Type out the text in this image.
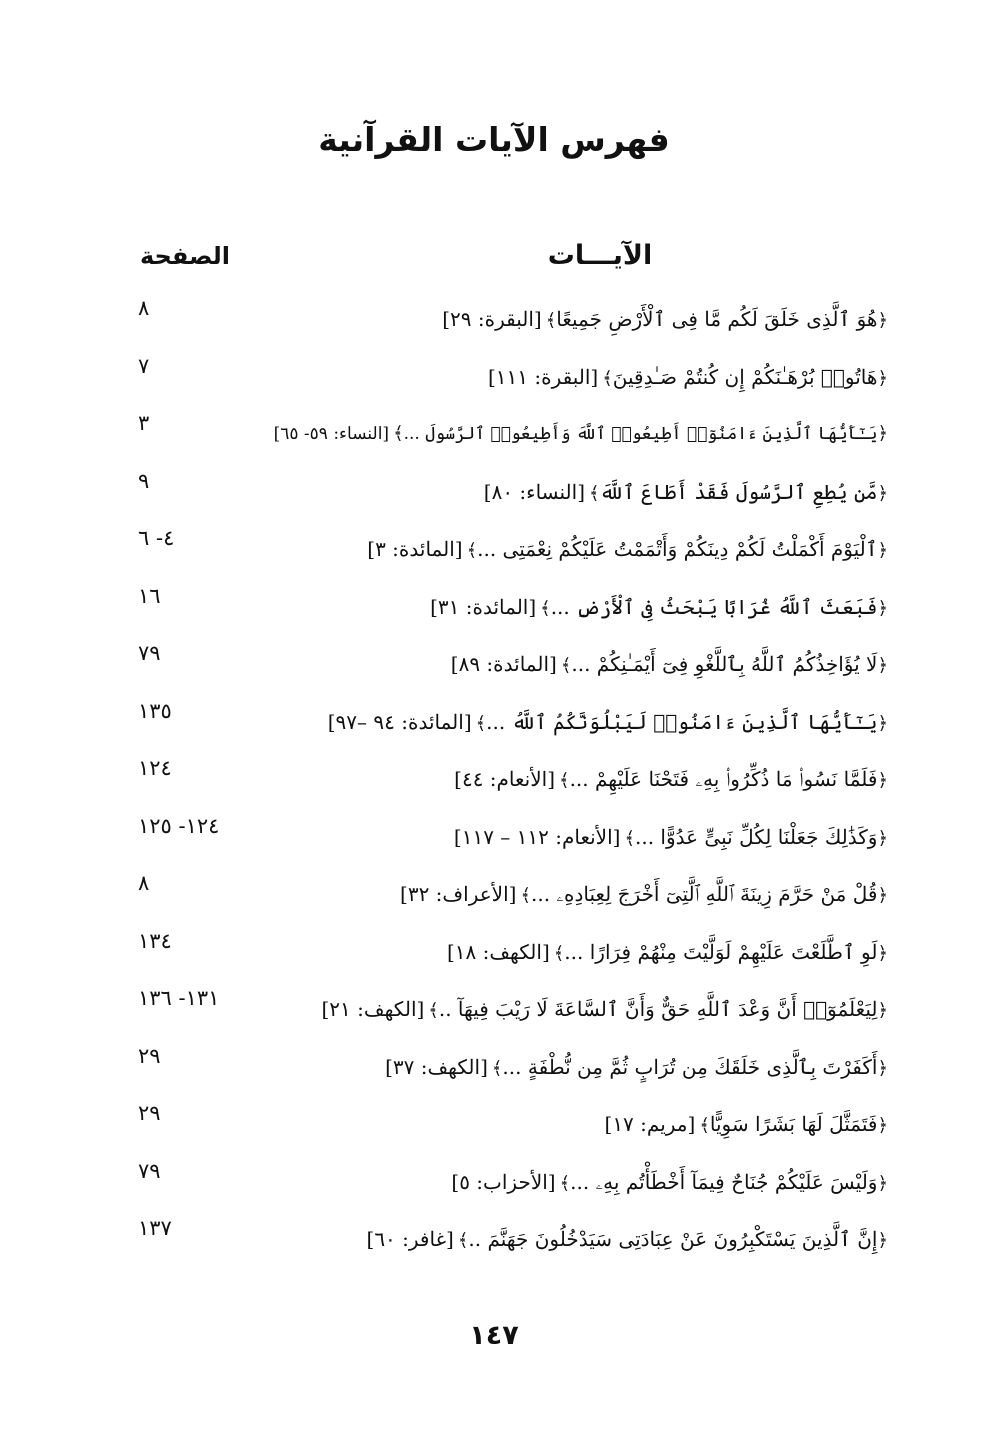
فهرس الآيات القرآنية
الآيـــات
الصفحة
﴿هُوَ ٱلَّذِى خَلَقَ لَكُم مَّا فِى ٱلْأَرْضِ جَمِيعًا﴾[البقرة: ٢٩]
٨
﴿هَاتُوا۟ بُرْهَـٰنَكُمْ إِن كُنتُمْ صَـٰدِقِينَ﴾[البقرة: ١١١]
٧
﴿يَـٰٓأَيُّهَا ٱلَّذِينَ ءَامَنُوٓا۟ أَطِيعُوا۟ ٱللَّهَ وَأَطِيعُوا۟ ٱلرَّسُولَ ...﴾[النساء: ٥٩- ٦٥]
٣
﴿مَّن يُطِعِ ٱلرَّسُولَ فَقَدْ أَطَاعَ ٱللَّهَ﴾[النساء: ٨٠]
٩
﴿ٱلْيَوْمَ أَكْمَلْتُ لَكُمْ دِينَكُمْ وَأَتْمَمْتُ عَلَيْكُمْ نِعْمَتِى ...﴾[المائدة: ٣]
٤- ٦
﴿فَبَعَثَ ٱللَّهُ غُرَابًا يَبْحَثُ فِى ٱلْأَرْضِ ...﴾[المائدة: ٣١]
١٦
﴿لَا يُؤَاخِذُكُمُ ٱللَّهُ بِٱللَّغْوِ فِىٓ أَيْمَـٰنِكُمْ ...﴾[المائدة: ٨٩]
٧٩
﴿يَـٰٓأَيُّهَا ٱلَّذِينَ ءَامَنُوا۟ لَيَبْلُوَنَّكُمُ ٱللَّهُ ...﴾[المائدة: ٩٤ –٩٧]
١٣٥
﴿فَلَمَّا نَسُوا۟ مَا ذُكِّرُوا۟ بِهِۦ فَتَحْنَا عَلَيْهِمْ ...﴾[الأنعام: ٤٤]
١٢٤
﴿وَكَذَٰلِكَ جَعَلْنَا لِكُلِّ نَبِىٍّ عَدُوًّا ...﴾[الأنعام: ١١٢ – ١١٧]
١٢٤- ١٢٥
﴿قُلْ مَنْ حَرَّمَ زِينَةَ ٱللَّهِ ٱلَّتِىٓ أَخْرَجَ لِعِبَادِهِۦ ...﴾[الأعراف: ٣٢]
٨
﴿لَوِ ٱطَّلَعْتَ عَلَيْهِمْ لَوَلَّيْتَ مِنْهُمْ فِرَارًا ...﴾[الكهف: ١٨]
١٣٤
﴿لِيَعْلَمُوٓا۟ أَنَّ وَعْدَ ٱللَّهِ حَقٌّ وَأَنَّ ٱلسَّاعَةَ لَا رَيْبَ فِيهَآ ..﴾[الكهف: ٢١]
١٣١- ١٣٦
﴿أَكَفَرْتَ بِٱلَّذِى خَلَقَكَ مِن تُرَابٍ ثُمَّ مِن نُّطْفَةٍ ...﴾[الكهف: ٣٧]
٢٩
﴿فَتَمَثَّلَ لَهَا بَشَرًا سَوِيًّا﴾[مريم: ١٧]
٢٩
﴿وَلَيْسَ عَلَيْكُمْ جُنَاحٌ فِيمَآ أَخْطَأْتُم بِهِۦ ...﴾[الأحزاب: ٥]
٧٩
﴿إِنَّ ٱلَّذِينَ يَسْتَكْبِرُونَ عَنْ عِبَادَتِى سَيَدْخُلُونَ جَهَنَّمَ ..﴾[غافر: ٦٠]
١٣٧
١٤٧
